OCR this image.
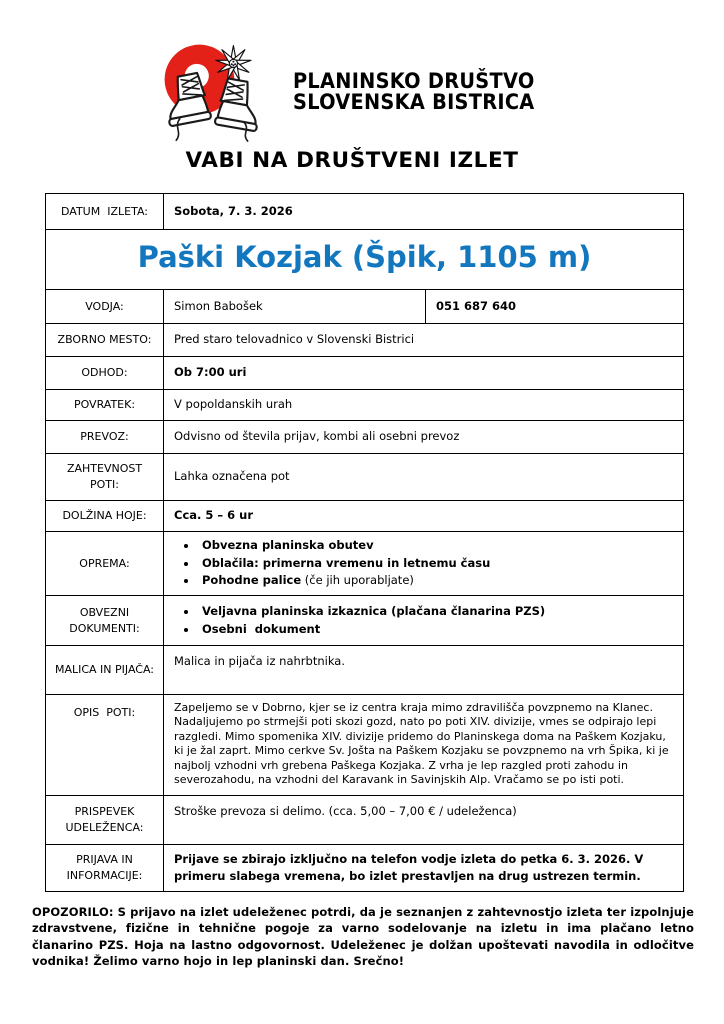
PLANINSKO DRUŠTVO
SLOVENSKA BISTRICA
VABI NA DRUŠTVENI IZLET
DATUM  IZLETA:	Sobota, 7. 3. 2026	
Paški Kozjak (Špik, 1105 m)		
VODJA:	Simon Babošek	051 687 640
ZBORNO MESTO:	Pred staro telovadnico v Slovenski Bistrici	
ODHOD:	Ob 7:00 uri	
POVRATEK:	V popoldanskih urah	
PREVOZ:	Odvisno od števila prijav, kombi ali osebni prevoz	
ZAHTEVNOST POTI:	Lahka označena pot	
DOLŽINA HOJE:	Cca. 5 – 6 ur	
OPREMA:	
• Obvezna planinska obutev
• Oblačila: primerna vremenu in letnemu času
• Pohodne palice (če jih uporabljate)

OBVEZNI DOKUMENTI:	
• Veljavna planinska izkaznica (plačana članarina PZS)
• Osebni  dokument

MALICA IN PIJAČA:	Malica in pijača iz nahrbtnika.	
OPIS  POTI:	Zapeljemo se v Dobrno, kjer se iz centra kraja mimo zdravilišča povzpnemo na Klanec. Nadaljujemo po strmejši poti skozi gozd, nato po poti XIV. divizije, vmes se odpirajo lepi razgledi. Mimo spomenika XIV. divizije pridemo do Planinskega doma na Paškem Kozjaku, ki je žal zaprt. Mimo cerkve Sv. Jošta na Paškem Kozjaku se povzpnemo na vrh Špika, ki je najbolj vzhodni vrh grebena Paškega Kozjaka. Z vrha je lep razgled proti zahodu in severozahodu, na vzhodni del Karavank in Savinjskih Alp. Vračamo se po isti poti.	
PRISPEVEK UDELEŽENCA:	Stroške prevoza si delimo. (cca. 5,00 – 7,00 € / udeleženca)	
PRIJAVA IN INFORMACIJE:	Prijave se zbirajo izključno na telefon vodje izleta do petka 6. 3. 2026. V primeru slabega vremena, bo izlet prestavljen na drug ustrezen termin.	

OPOZORILO: S prijavo na izlet udeleženec potrdi, da je seznanjen z zahtevnostjo izleta ter izpolnjuje zdravstvene, fizične in tehnične pogoje za varno sodelovanje na izletu in ima plačano letno članarino PZS. Hoja na lastno odgovornost. Udeleženec je dolžan upoštevati navodila in odločitve vodnika! Želimo varno hojo in lep planinski dan. Srečno!
